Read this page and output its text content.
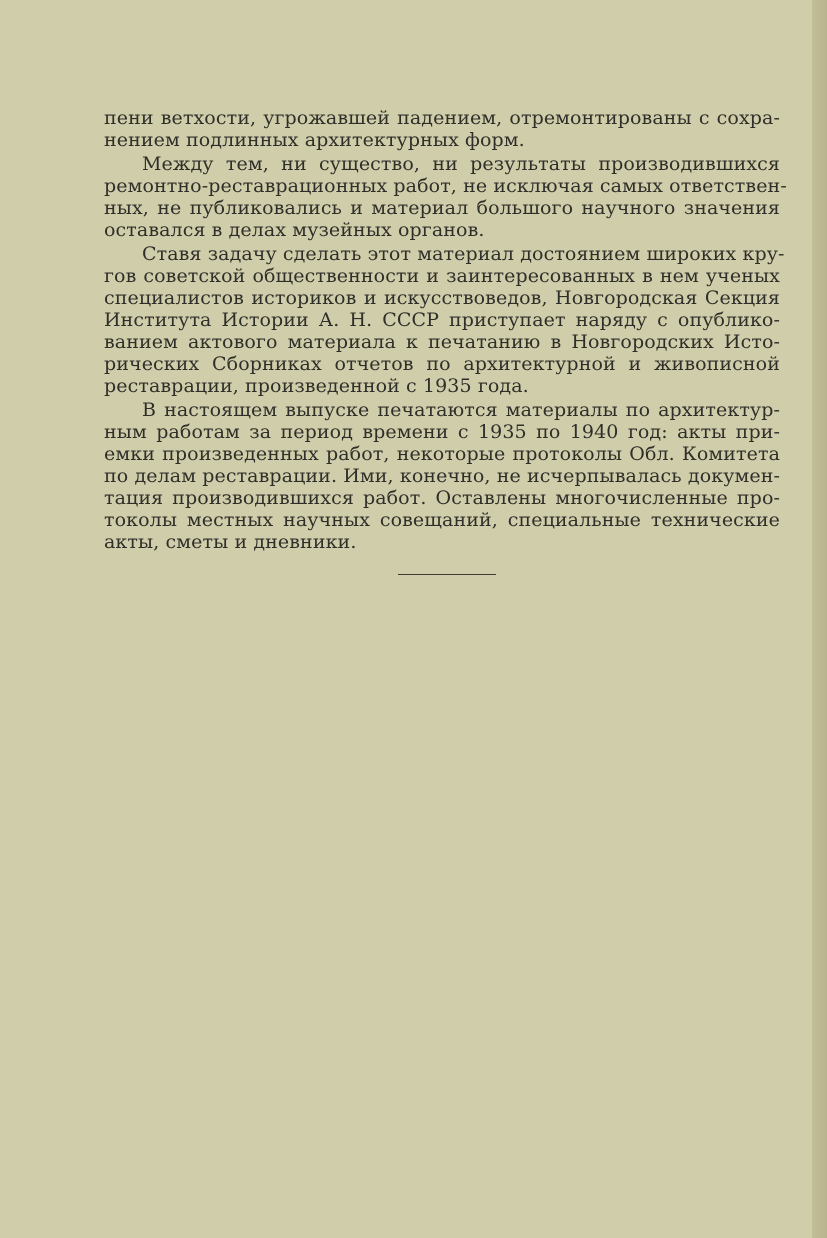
пени ветхости, угрожавшей падением, отремонтированы с сохра-
нением подлинных архитектурных форм.
Между тем, ни существо, ни результаты производившихся
ремонтно-реставрационных работ, не исключая самых ответствен-
ных, не публиковались и материал большого научного значения
оставался в делах музейных органов.
Ставя задачу сделать этот материал достоянием широких кру-
гов советской общественности и заинтересованных в нем ученых
специалистов историков и искусствоведов, Новгородская Секция
Института Истории А. Н. СССР приступает наряду с опублико-
ванием актового материала к печатанию в Новгородских Исто-
рических Сборниках отчетов по архитектурной и живописной
реставрации, произведенной с 1935 года.
В настоящем выпуске печатаются материалы по архитектур-
ным работам за период времени с 1935 по 1940 год: акты при-
емки произведенных работ, некоторые протоколы Обл. Комитета
по делам реставрации. Ими, конечно, не исчерпывалась докумен-
тация производившихся работ. Оставлены многочисленные про-
токолы местных научных совещаний, специальные технические
акты, сметы и дневники.
